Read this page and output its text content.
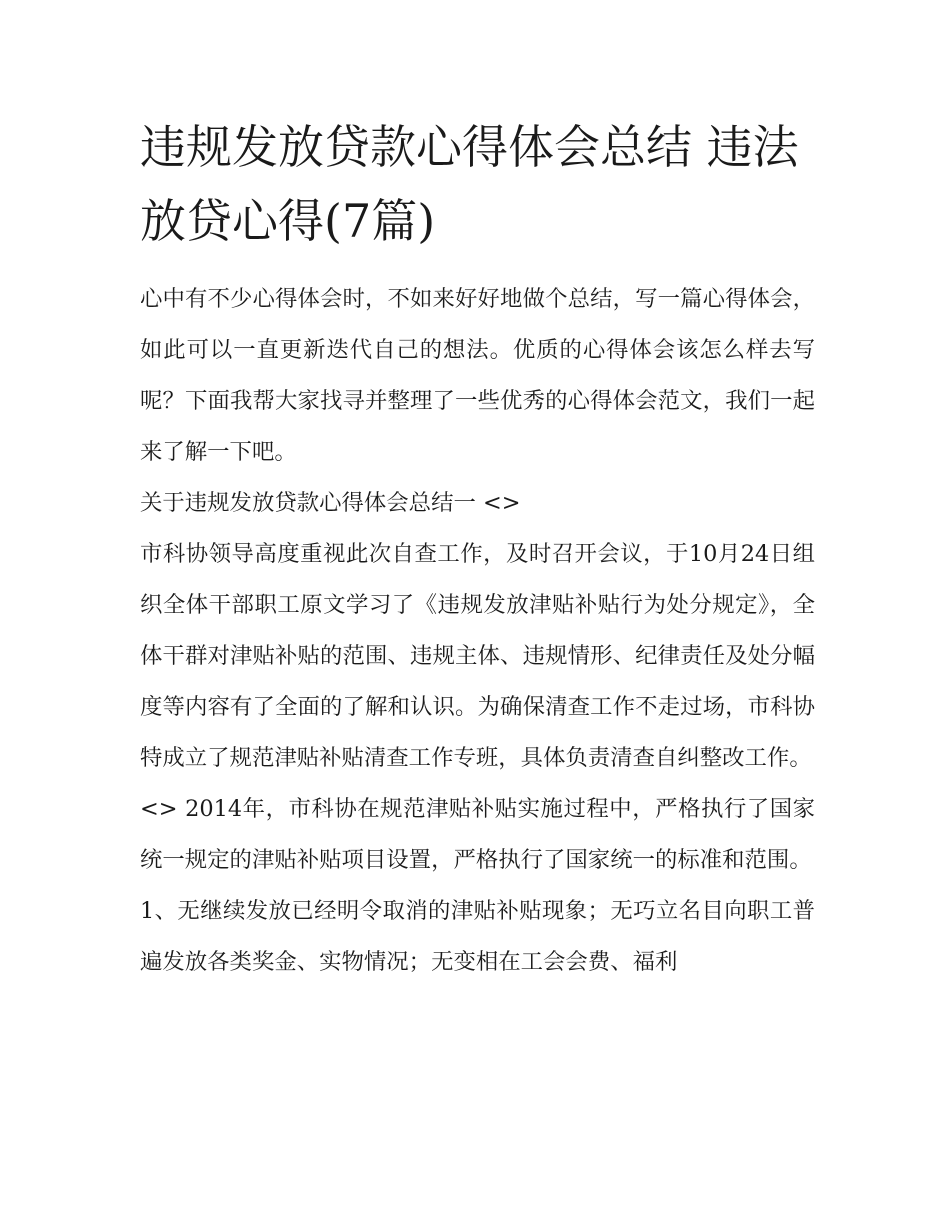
违规发放贷款心得体会总结 违法放贷心得(7篇)

心中有不少心得体会时，不如来好好地做个总结，写一篇心得体会，如此可以一直更新迭代自己的想法。优质的心得体会该怎么样去写呢？下面我帮大家找寻并整理了一些优秀的心得体会范文，我们一起来了解一下吧。

关于违规发放贷款心得体会总结一 <>

市科协领导高度重视此次自查工作，及时召开会议，于10月24日组织全体干部职工原文学习了《违规发放津贴补贴行为处分规定》，全体干群对津贴补贴的范围、违规主体、违规情形、纪律责任及处分幅度等内容有了全面的了解和认识。为确保清查工作不走过场，市科协特成立了规范津贴补贴清查工作专班，具体负责清查自纠整改工作。

<> 2014年，市科协在规范津贴补贴实施过程中，严格执行了国家统一规定的津贴补贴项目设置，严格执行了国家统一的标准和范围。

1、无继续发放已经明令取消的津贴补贴现象；无巧立名目向职工普遍发放各类奖金、实物情况；无变相在工会会费、福利
